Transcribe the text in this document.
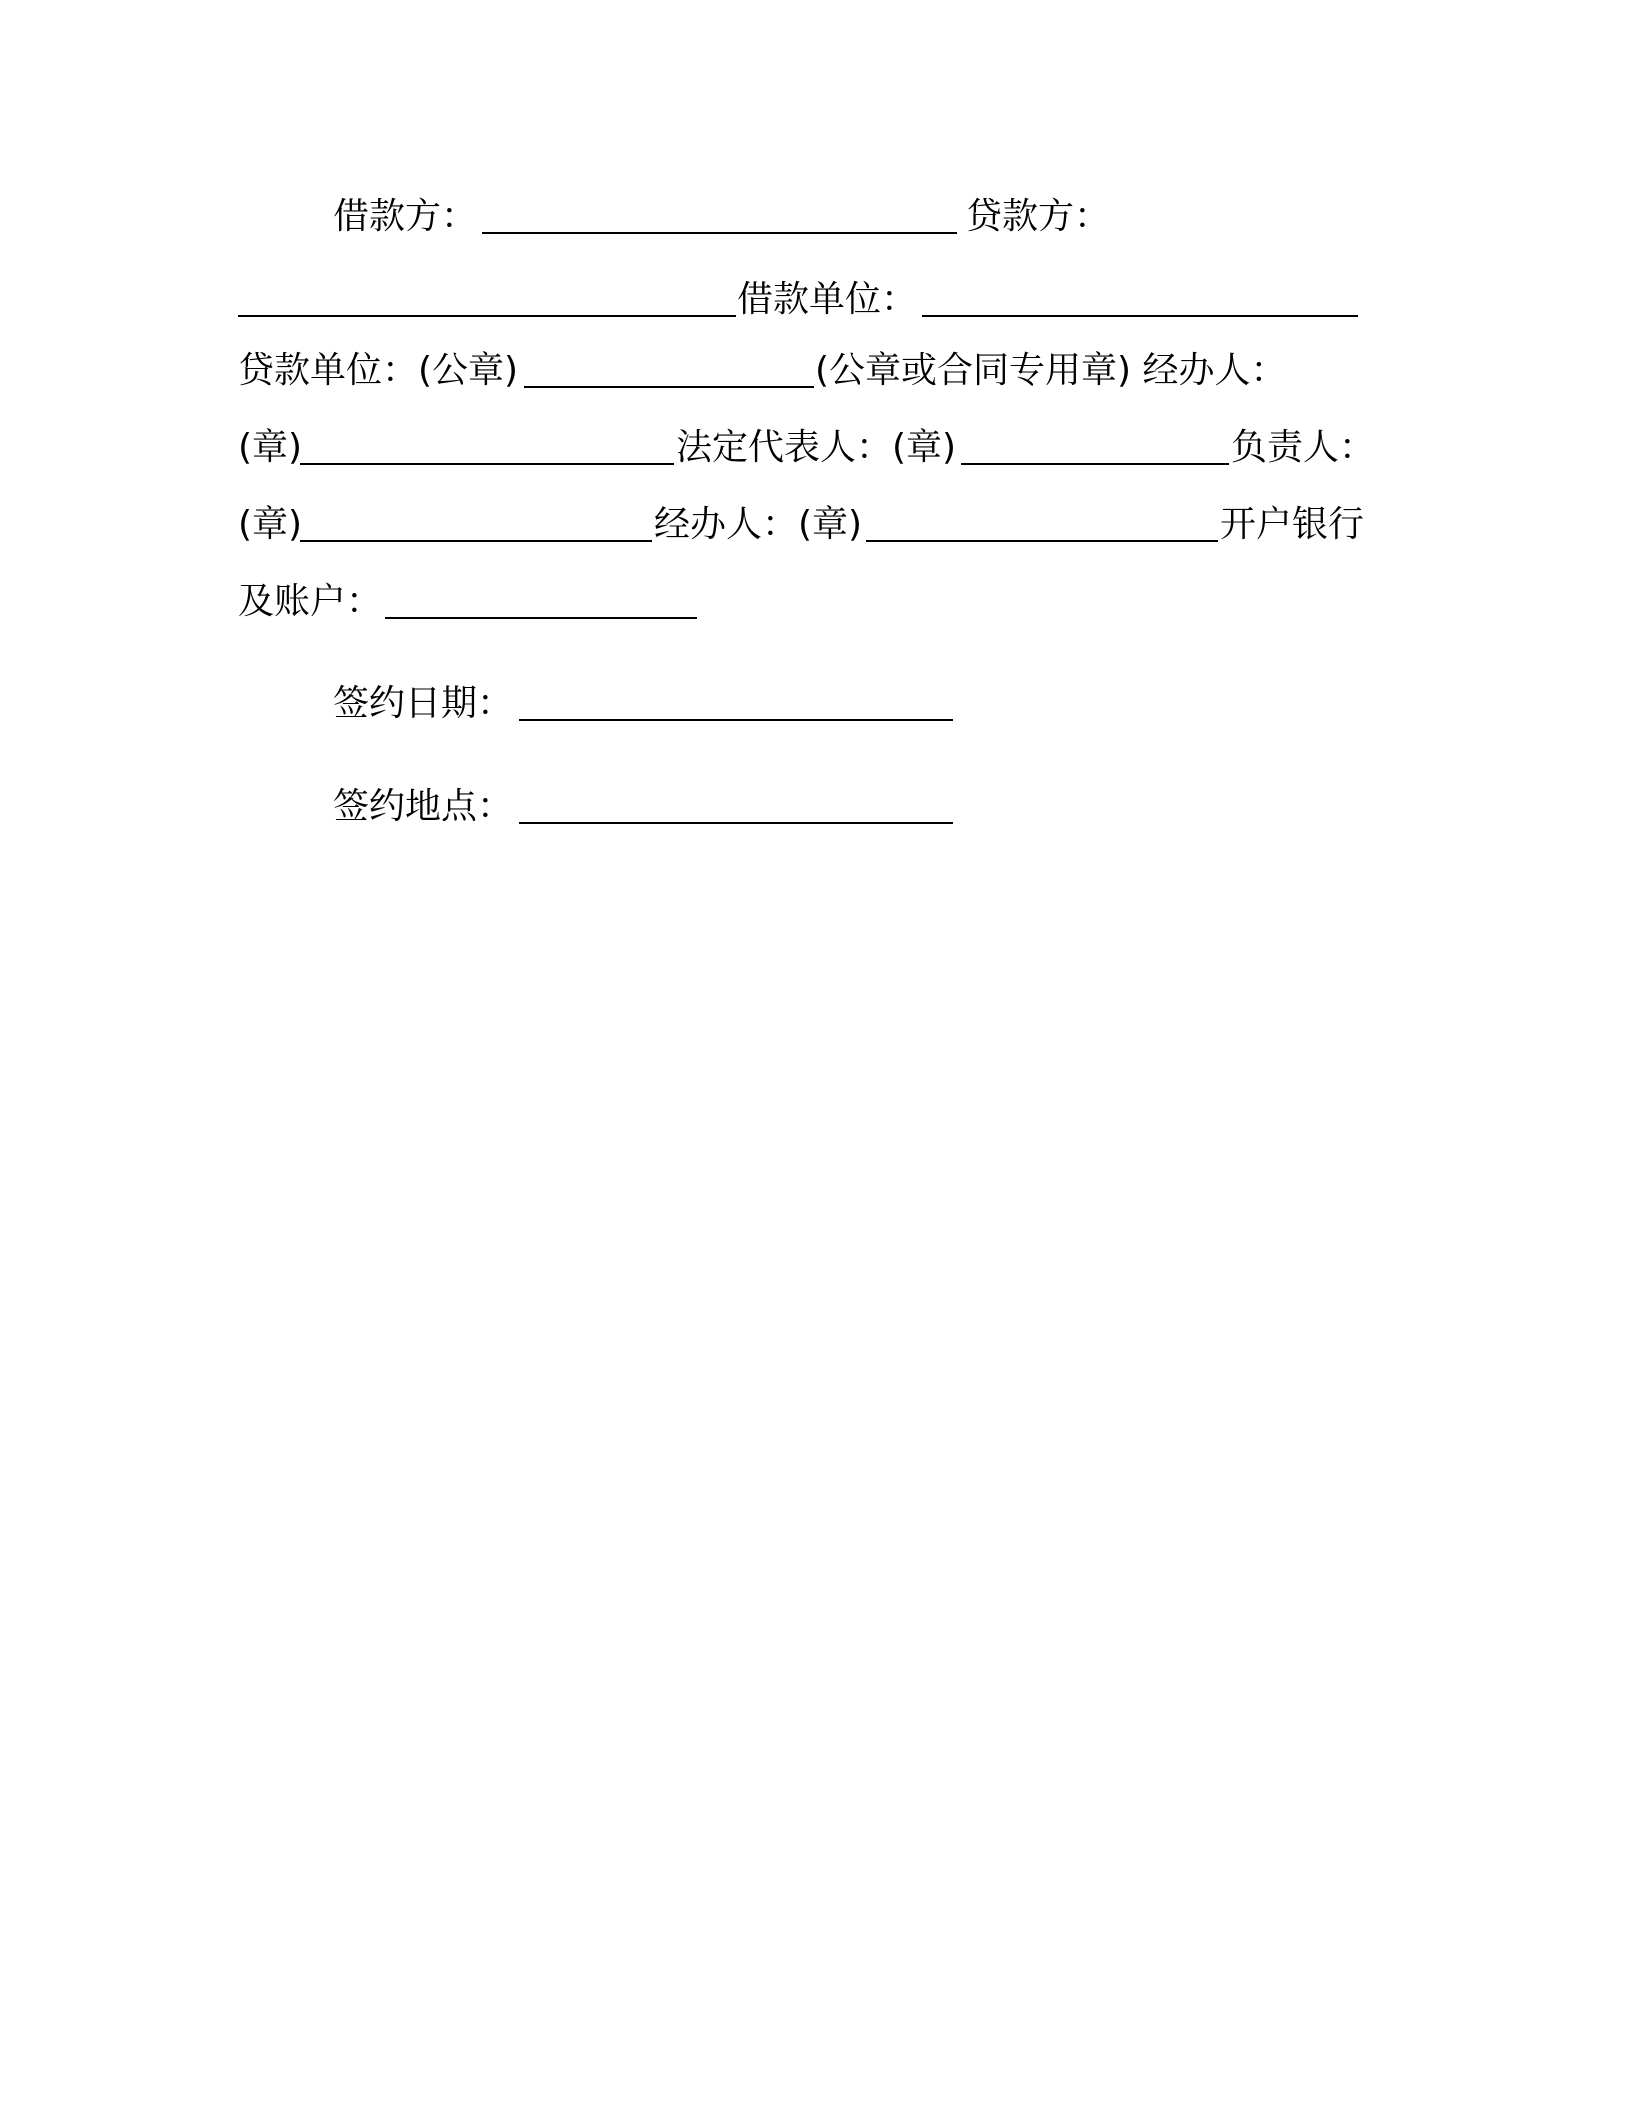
借款方：	贷款方：
借款单位：
贷款单位：(公章)	(公章或合同专用章) 经办人：
(章)	法定代表人：(章)	负责人：
(章)	经办人：(章)	开户银行
及账户：
签约日期：
签约地点：
